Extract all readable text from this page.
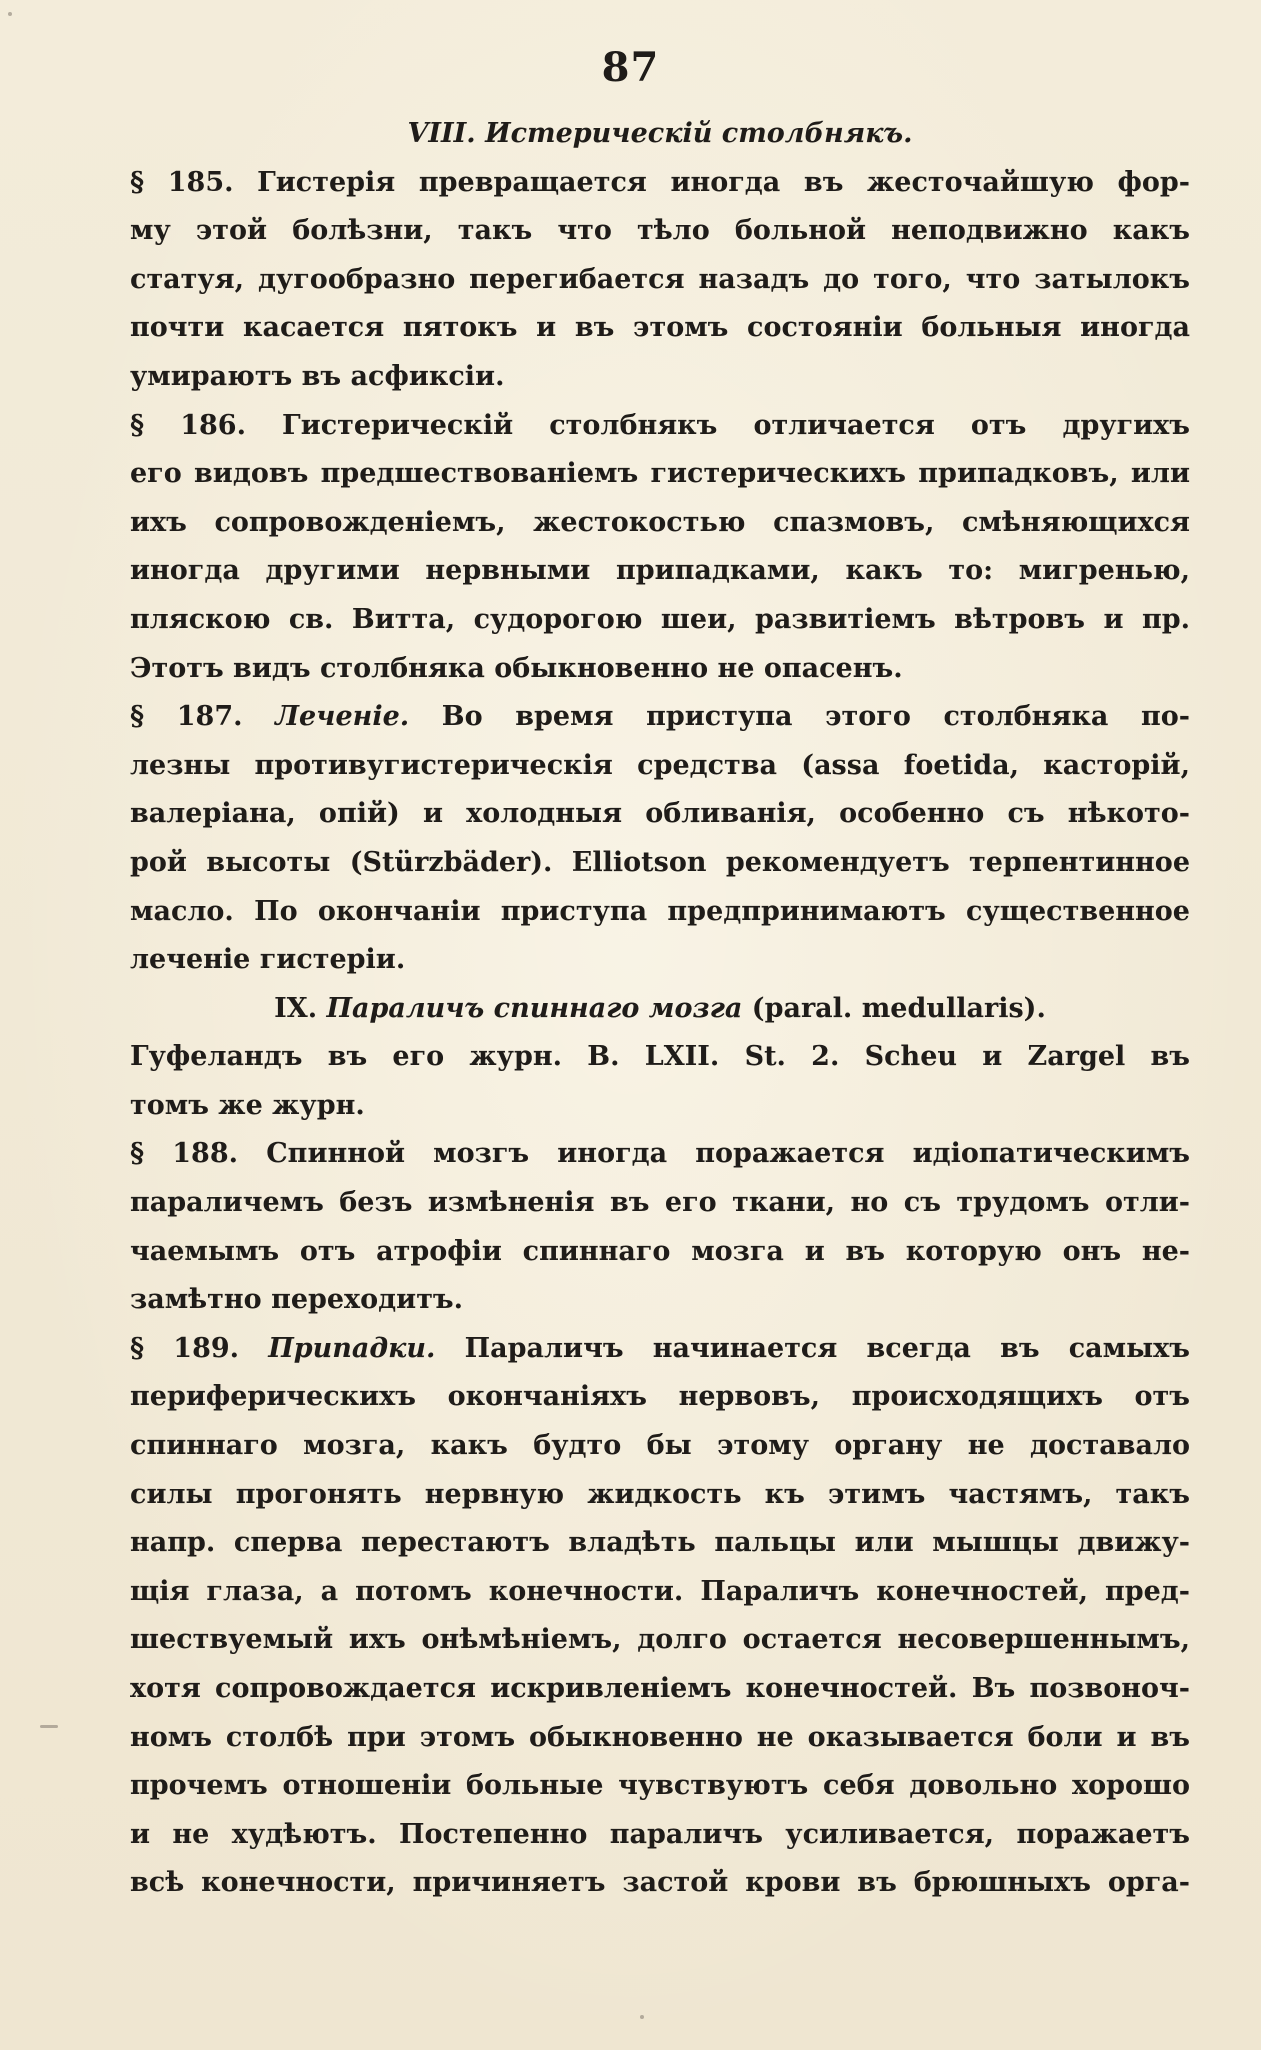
87
VIII. Истерическій столбнякъ.
§ 185. Гистерія превращается иногда въ жесточайшую фор-
му этой болѣзни, такъ что тѣло больной неподвижно какъ
статуя, дугообразно перегибается назадъ до того, что затылокъ
почти касается пятокъ и въ этомъ состояніи больныя иногда
умираютъ въ асфиксіи.
§ 186. Гистерическій столбнякъ отличается отъ другихъ
его видовъ предшествованіемъ гистерическихъ припадковъ, или
ихъ сопровожденіемъ, жестокостью спазмовъ, смѣняющихся
иногда другими нервными припадками, какъ то: мигренью,
пляскою св. Витта, судорогою шеи, развитіемъ вѣтровъ и пр.
Этотъ видъ столбняка обыкновенно не опасенъ.
§ 187. Леченіе. Во время приступа этого столбняка по-
лезны противугистерическія средства (assa foetida, касторій,
валеріана, опій) и холодныя обливанія, особенно съ нѣкото-
рой высоты (Stürzbäder). Elliotson рекомендуетъ терпентинное
масло. По окончаніи приступа предпринимаютъ существенное
леченіе гистеріи.
IX. Параличъ спиннаго мозга (paral. medullaris).
Гуфеландъ въ его журн. B. LXII. St. 2. Scheu и Zargel въ
томъ же журн.
§ 188. Спинной мозгъ иногда поражается идіопатическимъ
параличемъ безъ измѣненія въ его ткани, но съ трудомъ отли-
чаемымъ отъ атрофіи спиннаго мозга и въ которую онъ не-
замѣтно переходитъ.
§ 189. Припадки. Параличъ начинается всегда въ самыхъ
периферическихъ окончаніяхъ нервовъ, происходящихъ отъ
спиннаго мозга, какъ будто бы этому органу не доставало
силы прогонять нервную жидкость къ этимъ частямъ, такъ
напр. сперва перестаютъ владѣть пальцы или мышцы движу-
щія глаза, а потомъ конечности. Параличъ конечностей, пред-
шествуемый ихъ онѣмѣніемъ, долго остается несовершеннымъ,
хотя сопровождается искривленіемъ конечностей. Въ позвоноч-
номъ столбѣ при этомъ обыкновенно не оказывается боли и въ
прочемъ отношеніи больные чувствуютъ себя довольно хорошо
и не худѣютъ. Постепенно параличъ усиливается, поражаетъ
всѣ конечности, причиняетъ застой крови въ брюшныхъ орга-
